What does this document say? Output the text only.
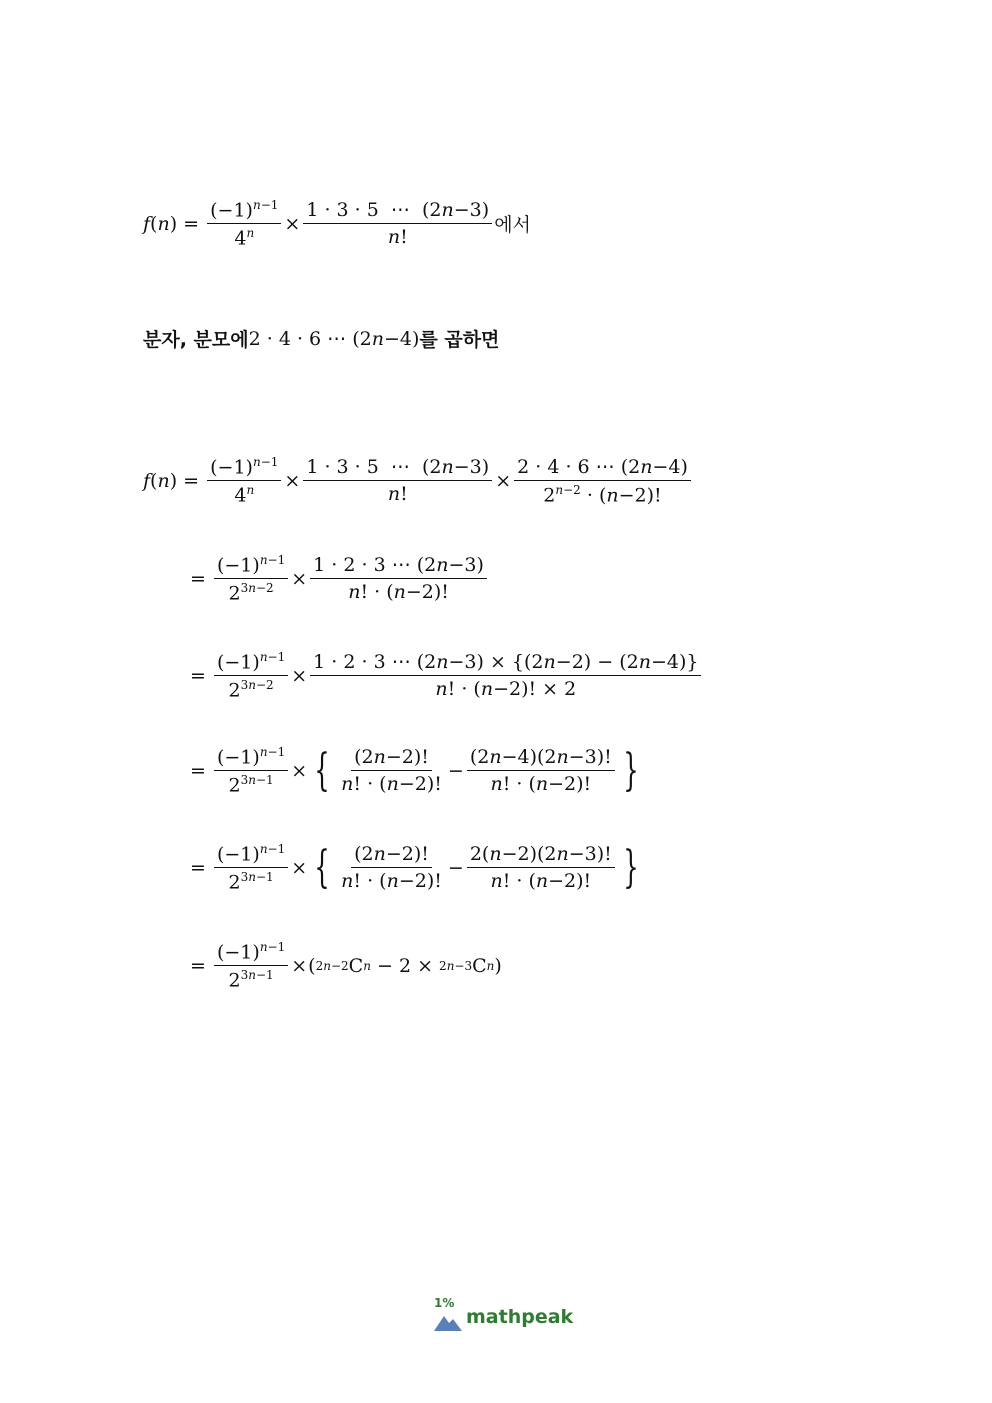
f ( n ) = $\frac{(-1)^{n-1}}{4^n} \times \frac{1 \cdot 3 \cdot 5 \cdots (2n-3)}{n!}$ 에서
분자, 분모에 2 · 4 · 6 ⋯ (2n−4) 를 곱하면
f ( n ) = $\frac{(-1)^{n-1}}{4^n} \times \frac{1 \cdot 3 \cdot 5 \cdots (2n-3)}{n!} \times \frac{2 \cdot 4 \cdot 6 \cdots (2n-4)}{2^{n-2} \cdot (n-2)!}$
= $\frac{(-1)^{n-1}}{2^{3n-2}} \times \frac{1 \cdot 2 \cdot 3 \cdots (2n-3)}{n! \cdot (n-2)!}$
= $\frac{(-1)^{n-1}}{2^{3n-2}} \times \frac{1 \cdot 2 \cdot 3 \cdots (2n-3) \times \{(2n-2) - (2n-4)\}}{n! \cdot (n-2)! \times 2}$
= $\frac{(-1)^{n-1}}{2^{3n-1}}$ × { $\frac{(2n-2)!}{n! \cdot (n-2)!} - \frac{(2n-4)(2n-3)!}{n! \cdot (n-2)!}$ }
= $\frac{(-1)^{n-1}}{2^{3n-1}}$ × { $\frac{(2n-2)!}{n! \cdot (n-2)!} - \frac{2(n-2)(2n-3)!}{n! \cdot (n-2)!}$ }
= $\frac{(-1)^{n-1}}{2^{3n-1}}$ × ( 2n−2 C n − 2 × 2n−3 C n )
1%
mathpeak
